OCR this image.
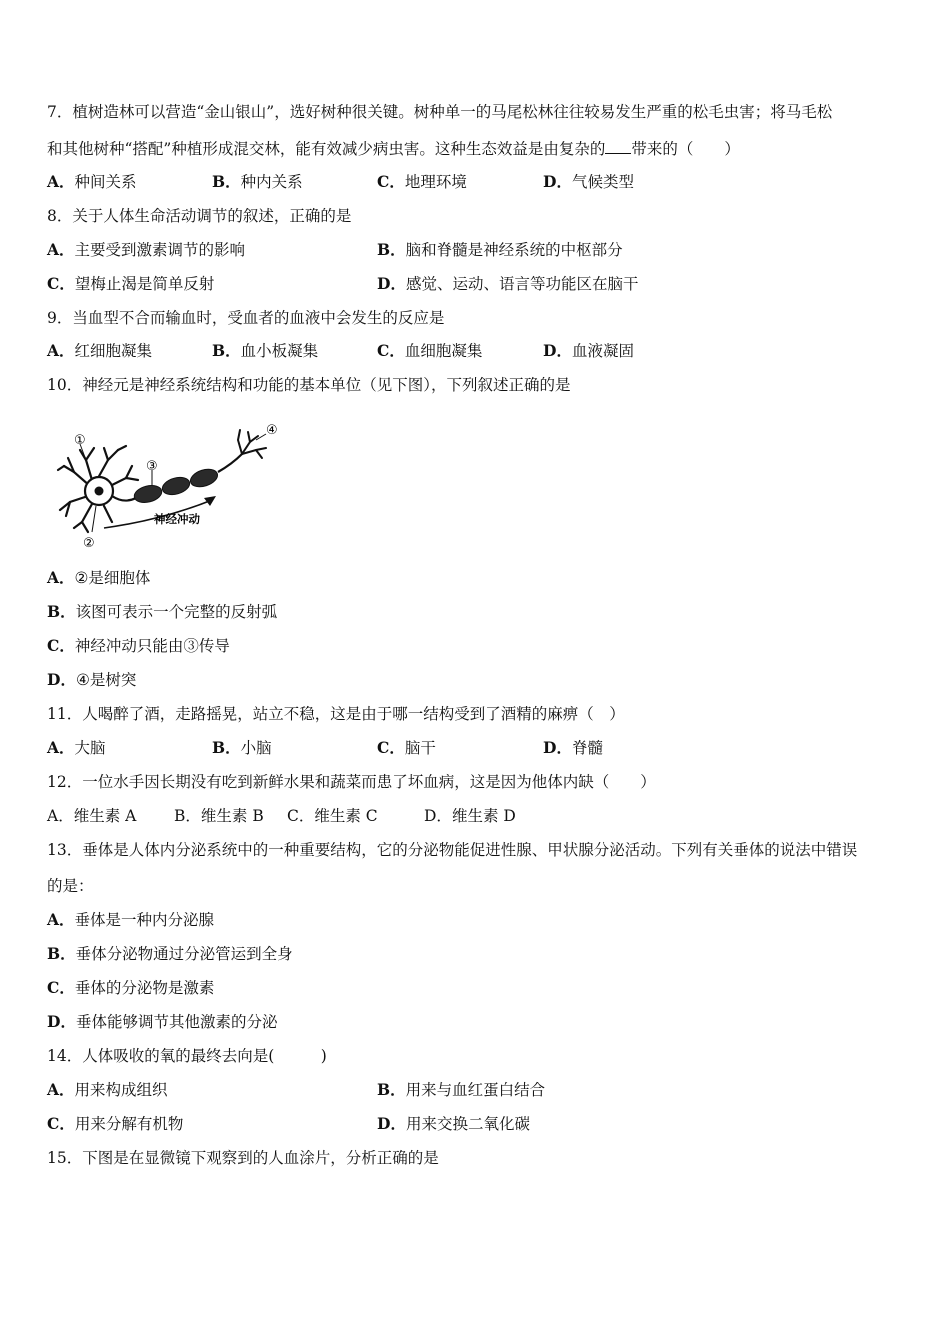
7．植树造林可以营造“金山银山”，选好树种很关键。树种单一的马尾松林往往较易发生严重的松毛虫害；将马毛松
和其他树种“搭配”种植形成混交林，能有效减少病虫害。这种生态效益是由复杂的 带来的（　　）
A．种间关系	B．种内关系	C．地理环境	D．气候类型
8．关于人体生命活动调节的叙述，正确的是
A．主要受到激素调节的影响	B．脑和脊髓是神经系统的中枢部分
C．望梅止渴是简单反射	D．感觉、运动、语言等功能区在脑干
9．当血型不合而输血时，受血者的血液中会发生的反应是
A．红细胞凝集	B．血小板凝集	C．血细胞凝集	D．血液凝固
10．神经元是神经系统结构和功能的基本单位（见下图），下列叙述正确的是
①
②
③
④
神经冲动
A．②是细胞体
B．该图可表示一个完整的反射弧
C．神经冲动只能由③传导
D．④是树突
11．人喝醉了酒，走路摇晃，站立不稳，这是由于哪一结构受到了酒精的麻痹（　）
A．大脑	B．小脑	C．脑干	D．脊髓
12．一位水手因长期没有吃到新鲜水果和蔬菜而患了坏血病，这是因为他体内缺（　　）
A．维生素 A B．维生素 B C．维生素 C	D．维生素 D
13．垂体是人体内分泌系统中的一种重要结构，它的分泌物能促进性腺、甲状腺分泌活动。下列有关垂体的说法中错误
的是：
A．垂体是一种内分泌腺
B．垂体分泌物通过分泌管运到全身
C．垂体的分泌物是激素
D．垂体能够调节其他激素的分泌
14．人体吸收的氧的最终去向是(　　　)
A．用来构成组织	B．用来与血红蛋白结合
C．用来分解有机物	D．用来交换二氧化碳
15．下图是在显微镜下观察到的人血涂片，分析正确的是
